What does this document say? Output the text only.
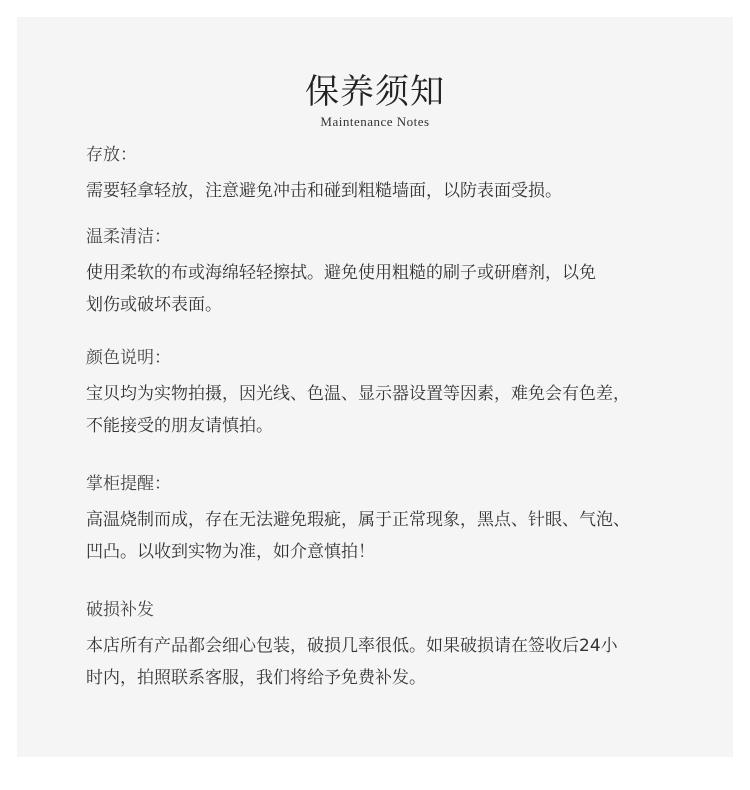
保养须知
Maintenance Notes
存放：
需要轻拿轻放，注意避免冲击和碰到粗糙墙面，以防表面受损。
温柔清洁：
使用柔软的布或海绵轻轻擦拭。避免使用粗糙的刷子或研磨剂，以免
划伤或破坏表面。
颜色说明：
宝贝均为实物拍摄，因光线、色温、显示器设置等因素，难免会有色差，
不能接受的朋友请慎拍。
掌柜提醒：
高温烧制而成，存在无法避免瑕疵，属于正常现象，黑点、针眼、气泡、
凹凸。以收到实物为准，如介意慎拍！
破损补发
本店所有产品都会细心包装，破损几率很低。如果破损请在签收后24小
时内，拍照联系客服，我们将给予免费补发。
